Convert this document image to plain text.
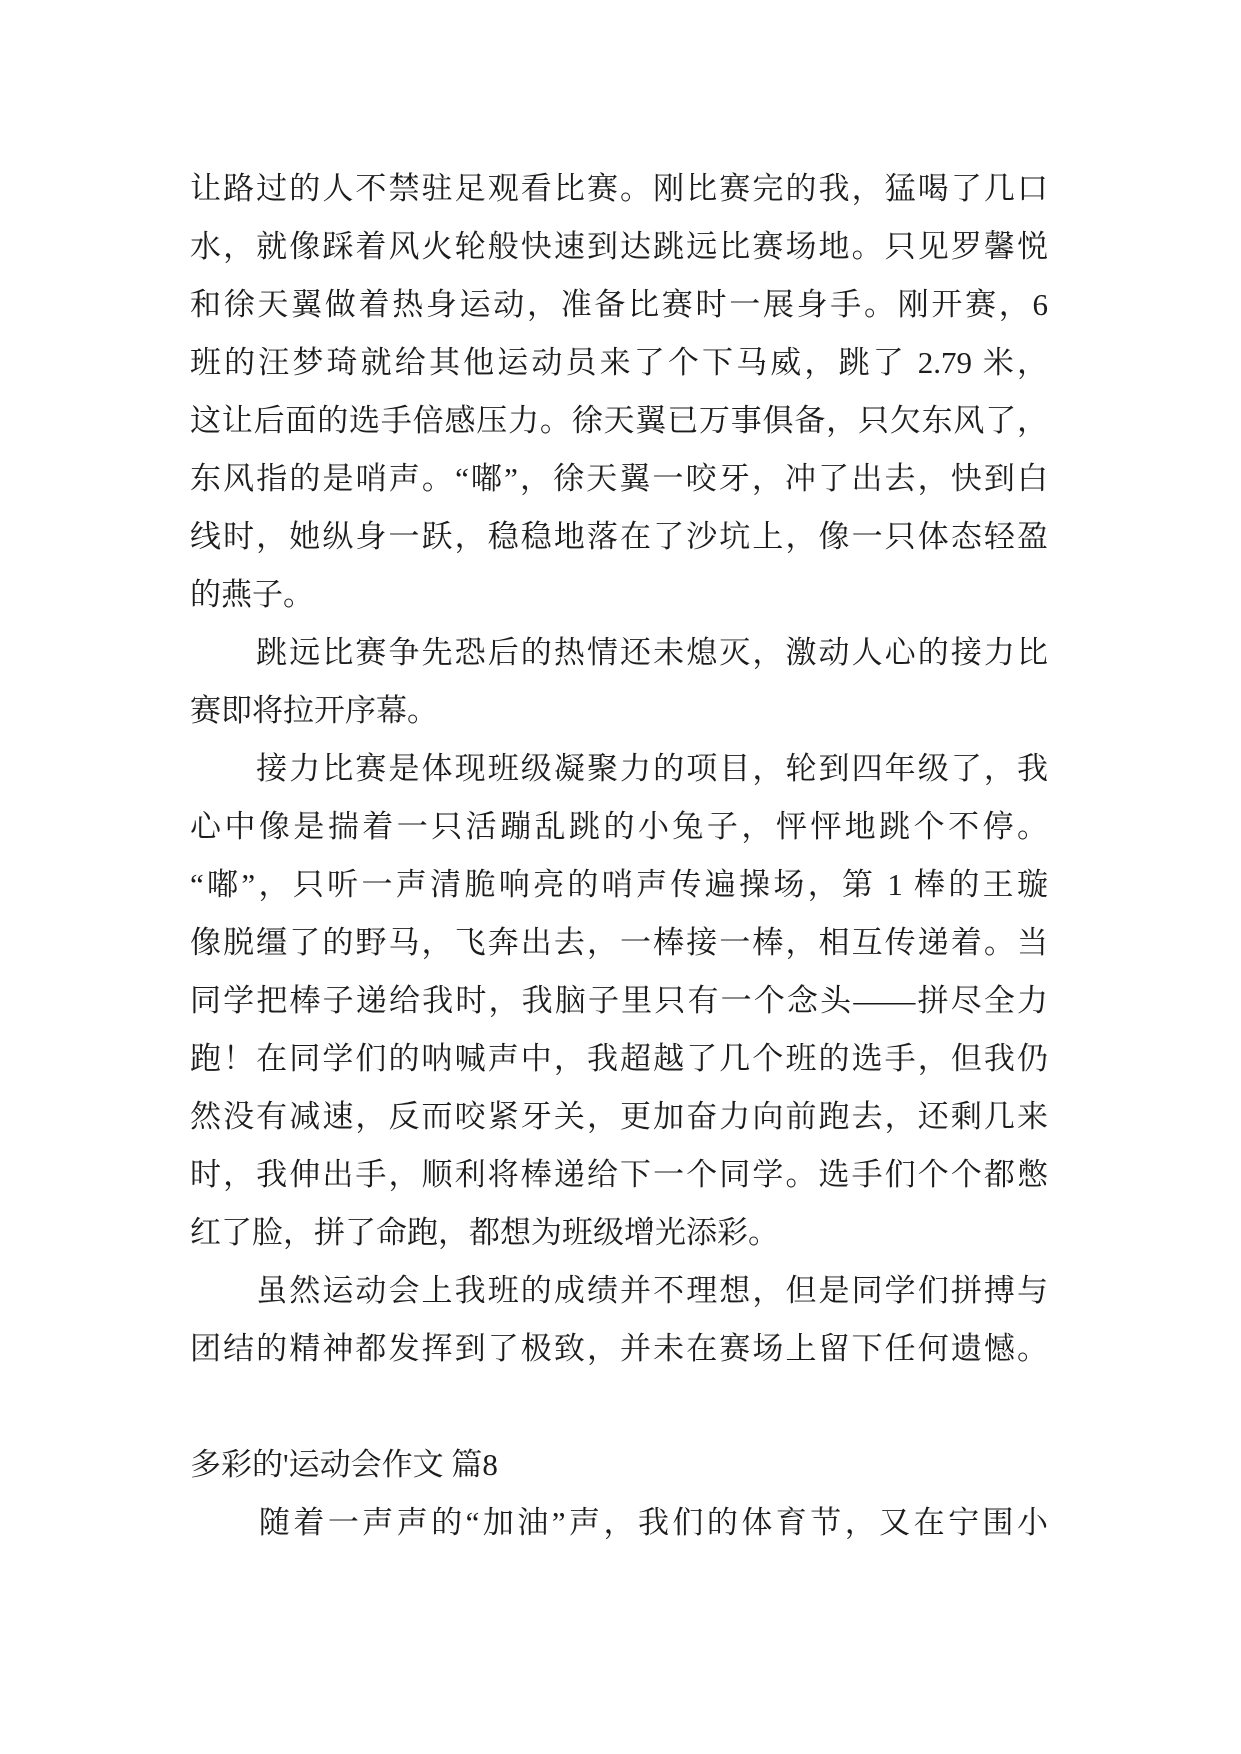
让路过的人不禁驻足观看比赛。刚比赛完的我，猛喝了几口
水，就像踩着风火轮般快速到达跳远比赛场地。只见罗馨悦
和徐天翼做着热身运动，准备比赛时一展身手。刚开赛，6
班的汪梦琦就给其他运动员来了个下马威，跳了 2.79 米，
这让后面的选手倍感压力。徐天翼已万事俱备，只欠东风了，
东风指的是哨声。“嘟”，徐天翼一咬牙，冲了出去，快到白
线时，她纵身一跃，稳稳地落在了沙坑上，像一只体态轻盈
的燕子。
　　跳远比赛争先恐后的热情还未熄灭，激动人心的接力比
赛即将拉开序幕。
　　接力比赛是体现班级凝聚力的项目，轮到四年级了，我
心中像是揣着一只活蹦乱跳的小兔子，怦怦地跳个不停。
“嘟”，只听一声清脆响亮的哨声传遍操场，第 1 棒的王璇
像脱缰了的野马，飞奔出去，一棒接一棒，相互传递着。当
同学把棒子递给我时，我脑子里只有一个念头——拼尽全力
跑！在同学们的呐喊声中，我超越了几个班的选手，但我仍
然没有减速，反而咬紧牙关，更加奋力向前跑去，还剩几来
时，我伸出手，顺利将棒递给下一个同学。选手们个个都憋
红了脸，拼了命跑，都想为班级增光添彩。
　　虽然运动会上我班的成绩并不理想，但是同学们拼搏与
团结的精神都发挥到了极致，并未在赛场上留下任何遗憾。
多彩的'运动会作文 篇8
　　随着一声声的“加油”声，我们的体育节，又在宁围小
